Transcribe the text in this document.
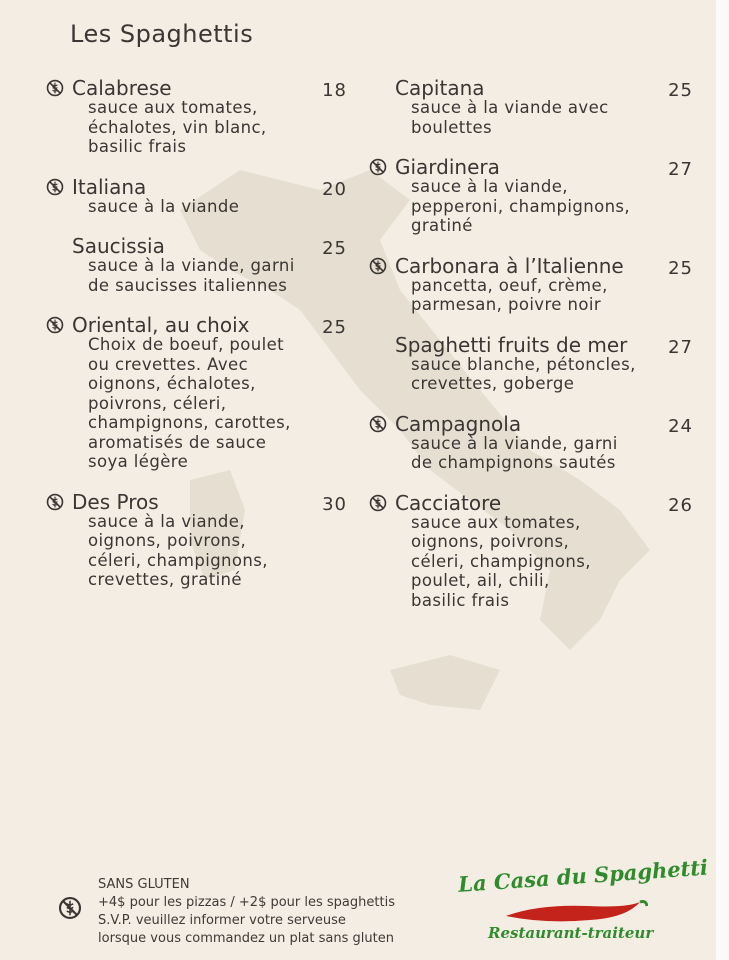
Les Spaghettis
Calabrese	18
sauce aux tomates,
échalotes, vin blanc,
basilic frais
Italiana	20
sauce à la viande
Saucissia	25
sauce à la viande, garni
de saucisses italiennes
Oriental, au choix	25
Choix de boeuf, poulet
ou crevettes. Avec
oignons, échalotes,
poivrons, céleri,
champignons, carottes,
aromatisés de sauce
soya légère
Des Pros	30
sauce à la viande,
oignons, poivrons,
céleri, champignons,
crevettes, gratiné
Capitana	25
sauce à la viande avec
boulettes
Giardinera	27
sauce à la viande,
pepperoni, champignons,
gratiné
Carbonara à l’Italienne	25
pancetta, oeuf, crème,
parmesan, poivre noir
Spaghetti fruits de mer	27
sauce blanche, pétoncles,
crevettes, goberge
Campagnola	24
sauce à la viande, garni
de champignons sautés
Cacciatore	26
sauce aux tomates,
oignons, poivrons,
céleri, champignons,
poulet, ail, chili,
basilic frais
SANS GLUTEN
+4$ pour les pizzas / +2$ pour les spaghettis
S.V.P. veuillez informer votre serveuse
lorsque vous commandez un plat sans gluten
La Casa du Spaghetti
Restaurant-traiteur
